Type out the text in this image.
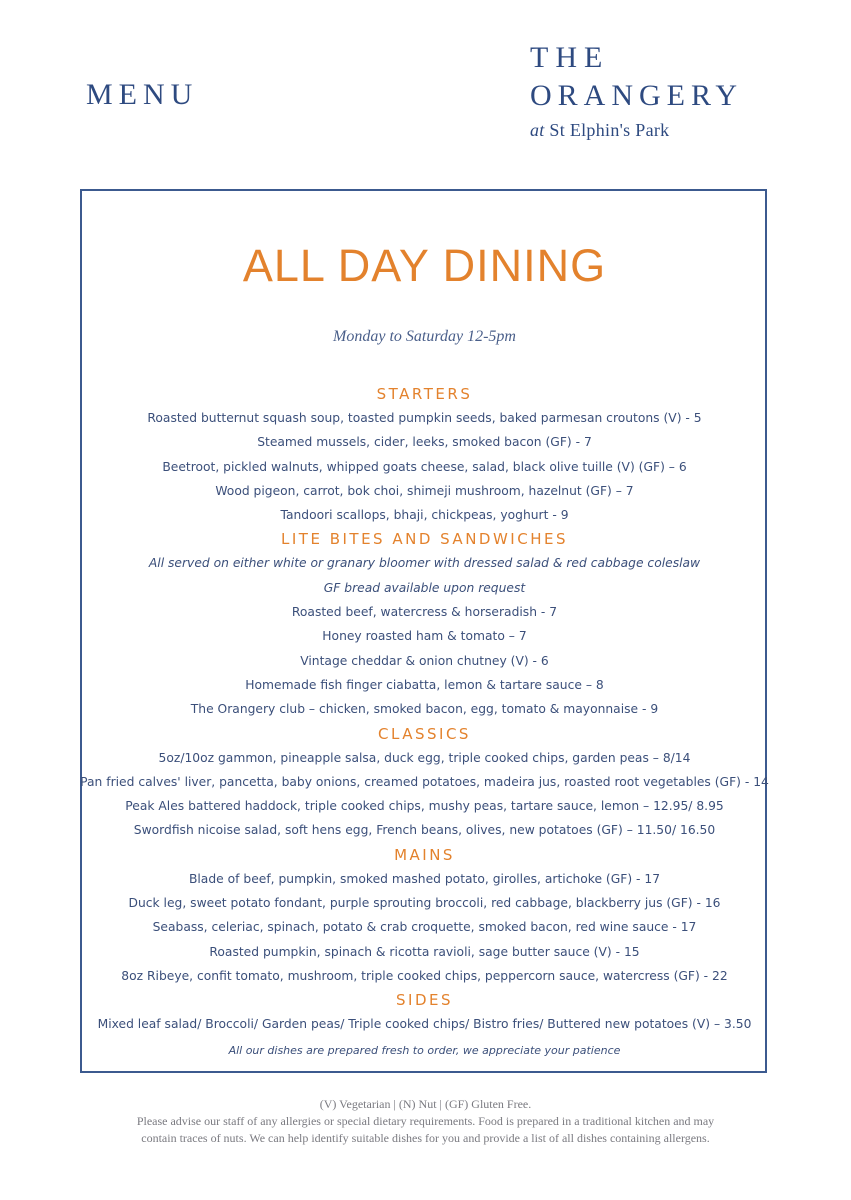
MENU
THE
ORANGERY
at St Elphin's Park
ALL DAY DINING
Monday to Saturday 12-5pm
STARTERS
Roasted butternut squash soup, toasted pumpkin seeds, baked parmesan croutons (V) - 5
Steamed mussels, cider, leeks, smoked bacon (GF) - 7
Beetroot, pickled walnuts, whipped goats cheese, salad, black olive tuille (V) (GF) – 6
Wood pigeon, carrot, bok choi, shimeji mushroom, hazelnut (GF) – 7
Tandoori scallops, bhaji, chickpeas, yoghurt - 9
LITE BITES AND SANDWICHES
All served on either white or granary bloomer with dressed salad & red cabbage coleslaw
GF bread available upon request
Roasted beef, watercress & horseradish - 7
Honey roasted ham & tomato – 7
Vintage cheddar & onion chutney (V) - 6
Homemade fish finger ciabatta, lemon & tartare sauce – 8
The Orangery club – chicken, smoked bacon, egg, tomato & mayonnaise - 9
CLASSICS
5oz/10oz gammon, pineapple salsa, duck egg, triple cooked chips, garden peas – 8/14
Pan fried calves' liver, pancetta, baby onions, creamed potatoes, madeira jus, roasted root vegetables (GF) - 14
Peak Ales battered haddock, triple cooked chips, mushy peas, tartare sauce, lemon – 12.95/ 8.95
Swordfish nicoise salad, soft hens egg, French beans, olives, new potatoes (GF) – 11.50/ 16.50
MAINS
Blade of beef, pumpkin, smoked mashed potato, girolles, artichoke (GF) - 17
Duck leg, sweet potato fondant, purple sprouting broccoli, red cabbage, blackberry jus (GF) - 16
Seabass, celeriac, spinach, potato & crab croquette, smoked bacon, red wine sauce - 17
Roasted pumpkin, spinach & ricotta ravioli, sage butter sauce (V) - 15
8oz Ribeye, confit tomato, mushroom, triple cooked chips, peppercorn sauce, watercress (GF) - 22
SIDES
Mixed leaf salad/ Broccoli/ Garden peas/ Triple cooked chips/ Bistro fries/ Buttered new potatoes (V) – 3.50
All our dishes are prepared fresh to order, we appreciate your patience
(V) Vegetarian | (N) Nut | (GF) Gluten Free.
Please advise our staff of any allergies or special dietary requirements. Food is prepared in a traditional kitchen and may
contain traces of nuts. We can help identify suitable dishes for you and provide a list of all dishes containing allergens.
